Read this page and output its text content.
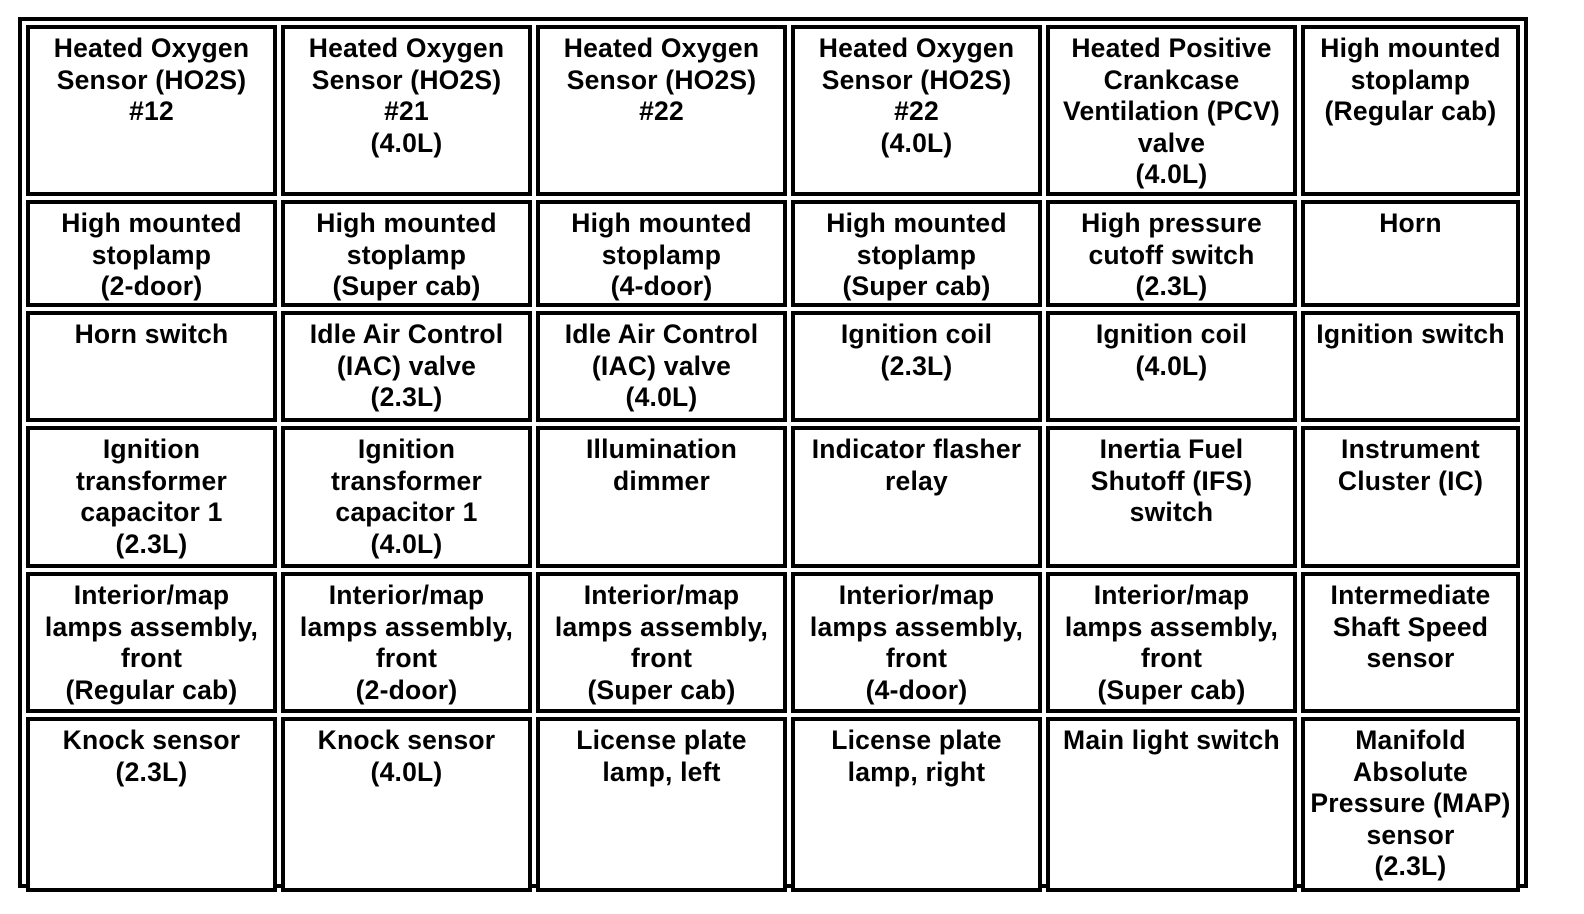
Heated Oxygen
Sensor (HO2S)
#12
Heated Oxygen
Sensor (HO2S)
#21
(4.0L)
Heated Oxygen
Sensor (HO2S)
#22
Heated Oxygen
Sensor (HO2S)
#22
(4.0L)
Heated Positive
Crankcase
Ventilation (PCV)
valve
(4.0L)
High mounted
stoplamp
(Regular cab)
High mounted
stoplamp
(2-door)
High mounted
stoplamp
(Super cab)
High mounted
stoplamp
(4-door)
High mounted
stoplamp
(Super cab)
High pressure
cutoff switch
(2.3L)
Horn
Horn switch	Idle Air Control
(IAC) valve
(2.3L)
Idle Air Control
(IAC) valve
(4.0L)
Ignition coil
(2.3L)
Ignition coil
(4.0L)
Ignition switch
Ignition
transformer
capacitor 1
(2.3L)
Ignition
transformer
capacitor 1
(4.0L)
Illumination
dimmer
Indicator flasher
relay
Inertia Fuel
Shutoff (IFS)
switch
Instrument
Cluster (IC)
Interior/map
lamps assembly,
front
(Regular cab)
Interior/map
lamps assembly,
front
(2-door)
Interior/map
lamps assembly,
front
(Super cab)
Interior/map
lamps assembly,
front
(4-door)
Interior/map
lamps assembly,
front
(Super cab)
Intermediate
Shaft Speed
sensor
Knock sensor
(2.3L)
Knock sensor
(4.0L)
License plate
lamp, left
License plate
lamp, right
Main light switch	Manifold
Absolute
Pressure (MAP)
sensor
(2.3L)
